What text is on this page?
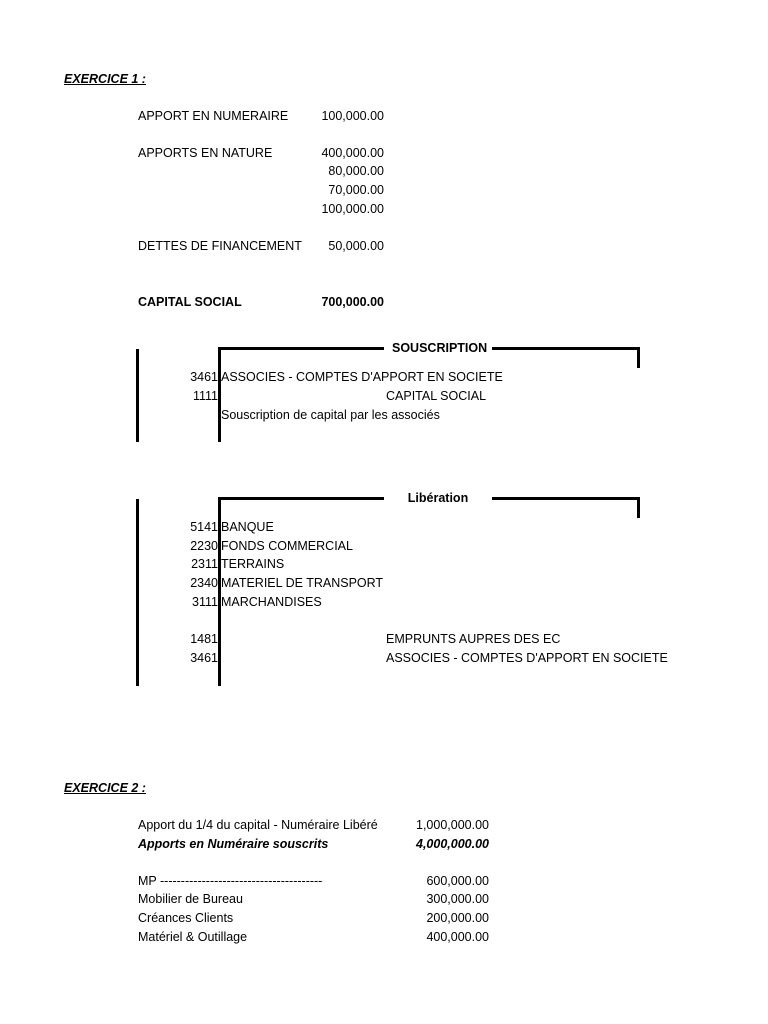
EXERCICE 1 :
APPORT EN NUMERAIRE	100,000.00
APPORTS EN NATURE	400,000.00
80,000.00
70,000.00
100,000.00
DETTES DE FINANCEMENT	50,000.00
CAPITAL SOCIAL	700,000.00
SOUSCRIPTION
3461 ASSOCIES - COMPTES D'APPORT EN SOCIETE
1111	CAPITAL SOCIAL
Souscription de capital par les associés
Libération
5141 BANQUE
2230 FONDS COMMERCIAL
2311 TERRAINS
2340 MATERIEL DE TRANSPORT
3111 MARCHANDISES
1481	EMPRUNTS AUPRES DES EC
3461	ASSOCIES - COMPTES D'APPORT EN SOCIETE
EXERCICE 2 :
Apport du 1/4 du capital - Numéraire Libéré	1,000,000.00
Apports en Numéraire souscrits	4,000,000.00
MP ---------------------------------------	600,000.00
Mobilier de Bureau	300,000.00
Créances Clients	200,000.00
Matériel & Outillage	400,000.00
